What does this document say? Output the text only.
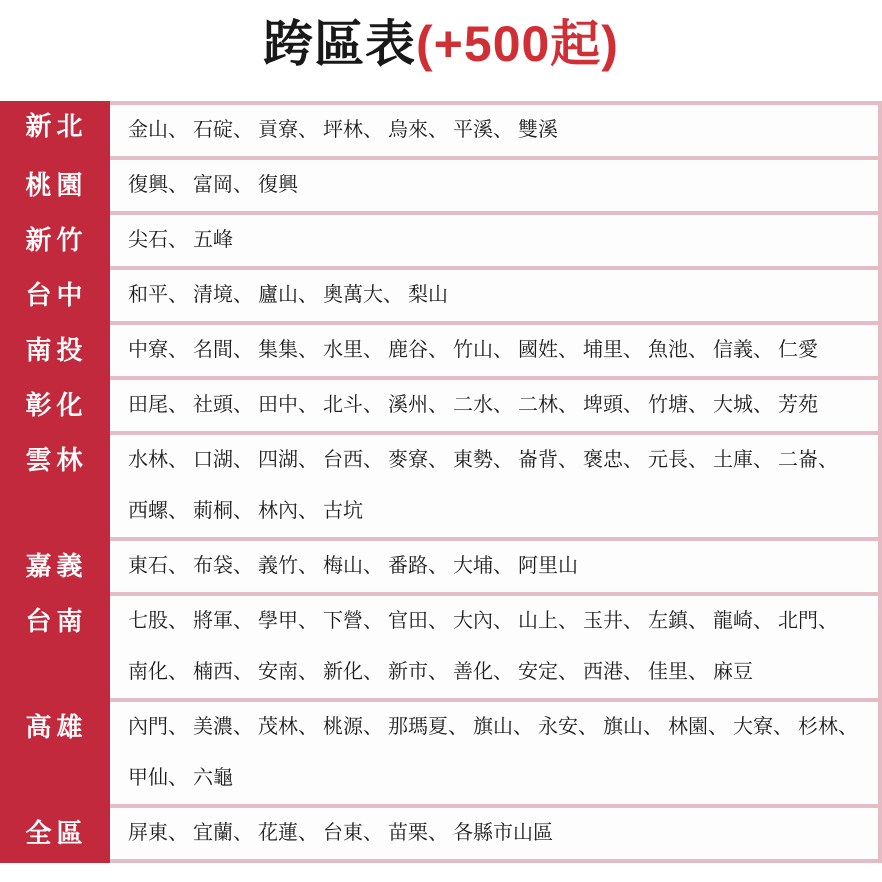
跨區表(+500起)
新北	金山、 石碇、 貢寮、 坪林、 烏來、 平溪、 雙溪
桃園	復興、 富岡、 復興
新竹	尖石、 五峰
台中	和平、 清境、 廬山、 奧萬大、 梨山
南投	中寮、 名間、 集集、 水里、 鹿谷、 竹山、 國姓、 埔里、 魚池、 信義、 仁愛
彰化	田尾、 社頭、 田中、 北斗、 溪州、 二水、 二林、 埤頭、 竹塘、 大城、 芳苑
雲林	水林、 口湖、 四湖、 台西、 麥寮、 東勢、 崙背、 褒忠、 元長、 土庫、 二崙、西螺、 莿桐、 林內、 古坑
嘉義	東石、 布袋、 義竹、 梅山、 番路、 大埔、 阿里山
台南	七股、 將軍、 學甲、 下營、 官田、 大內、 山上、 玉井、 左鎮、 龍崎、 北門、南化、 楠西、 安南、 新化、 新市、 善化、 安定、 西港、 佳里、 麻豆
高雄	內門、 美濃、 茂林、 桃源、 那瑪夏、 旗山、 永安、 旗山、 林園、 大寮、 杉林、甲仙、 六龜
全區	屏東、 宜蘭、 花蓮、 台東、 苗栗、 各縣市山區
